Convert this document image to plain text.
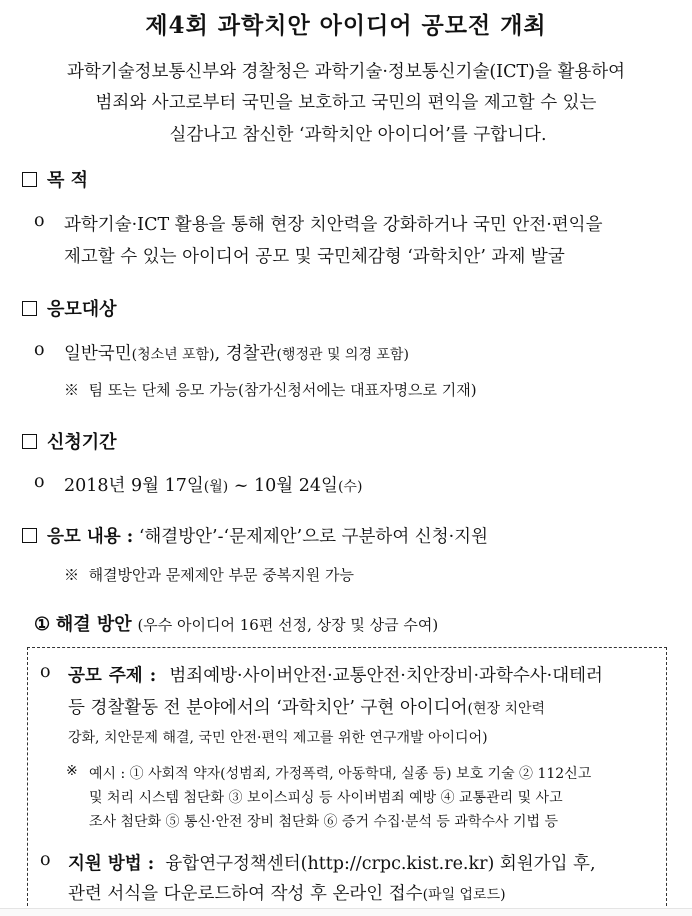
제4회 과학치안 아이디어 공모전 개최
과학기술정보통신부와 경찰청은 과학기술·정보통신기술(ICT)을 활용하여
범죄와 사고로부터 국민을 보호하고 국민의 편익을 제고할 수 있는
실감나고 참신한 ‘과학치안 아이디어’를 구합니다.
목 적
o 과학기술·ICT 활용을 통해 현장 치안력을 강화하거나 국민 안전·편익을
제고할 수 있는 아이디어 공모 및 국민체감형 ‘과학치안’ 과제 발굴
응모대상
o 일반국민(청소년 포함), 경찰관(행정관 및 의경 포함)
※ 팀 또는 단체 응모 가능(참가신청서에는 대표자명으로 기재)
신청기간
o 2018년 9월 17일(월) ~ 10월 24일(수)
응모 내용 : ‘해결방안’-‘문제제안’으로 구분하여 신청·지원
※ 해결방안과 문제제안 부문 중복지원 가능
① 해결 방안 (우수 아이디어 16편 선정, 상장 및 상금 수여)
o 공모 주제 : 범죄예방·사이버안전·교통안전·치안장비·과학수사·대테러
등 경찰활동 전 분야에서의 ‘과학치안’ 구현 아이디어(현장 치안력
강화, 치안문제 해결, 국민 안전·편익 제고를 위한 연구개발 아이디어)
※ 예시 : ① 사회적 약자(성범죄, 가정폭력, 아동학대, 실종 등) 보호 기술 ② 112신고
및 처리 시스템 첨단화 ③ 보이스피싱 등 사이버범죄 예방 ④ 교통관리 및 사고
조사 첨단화 ⑤ 통신·안전 장비 첨단화 ⑥ 증거 수집·분석 등 과학수사 기법 등
o 지원 방법 : 융합연구정책센터(http://crpc.kist.re.kr) 회원가입 후,
관련 서식을 다운로드하여 작성 후 온라인 접수(파일 업로드)
